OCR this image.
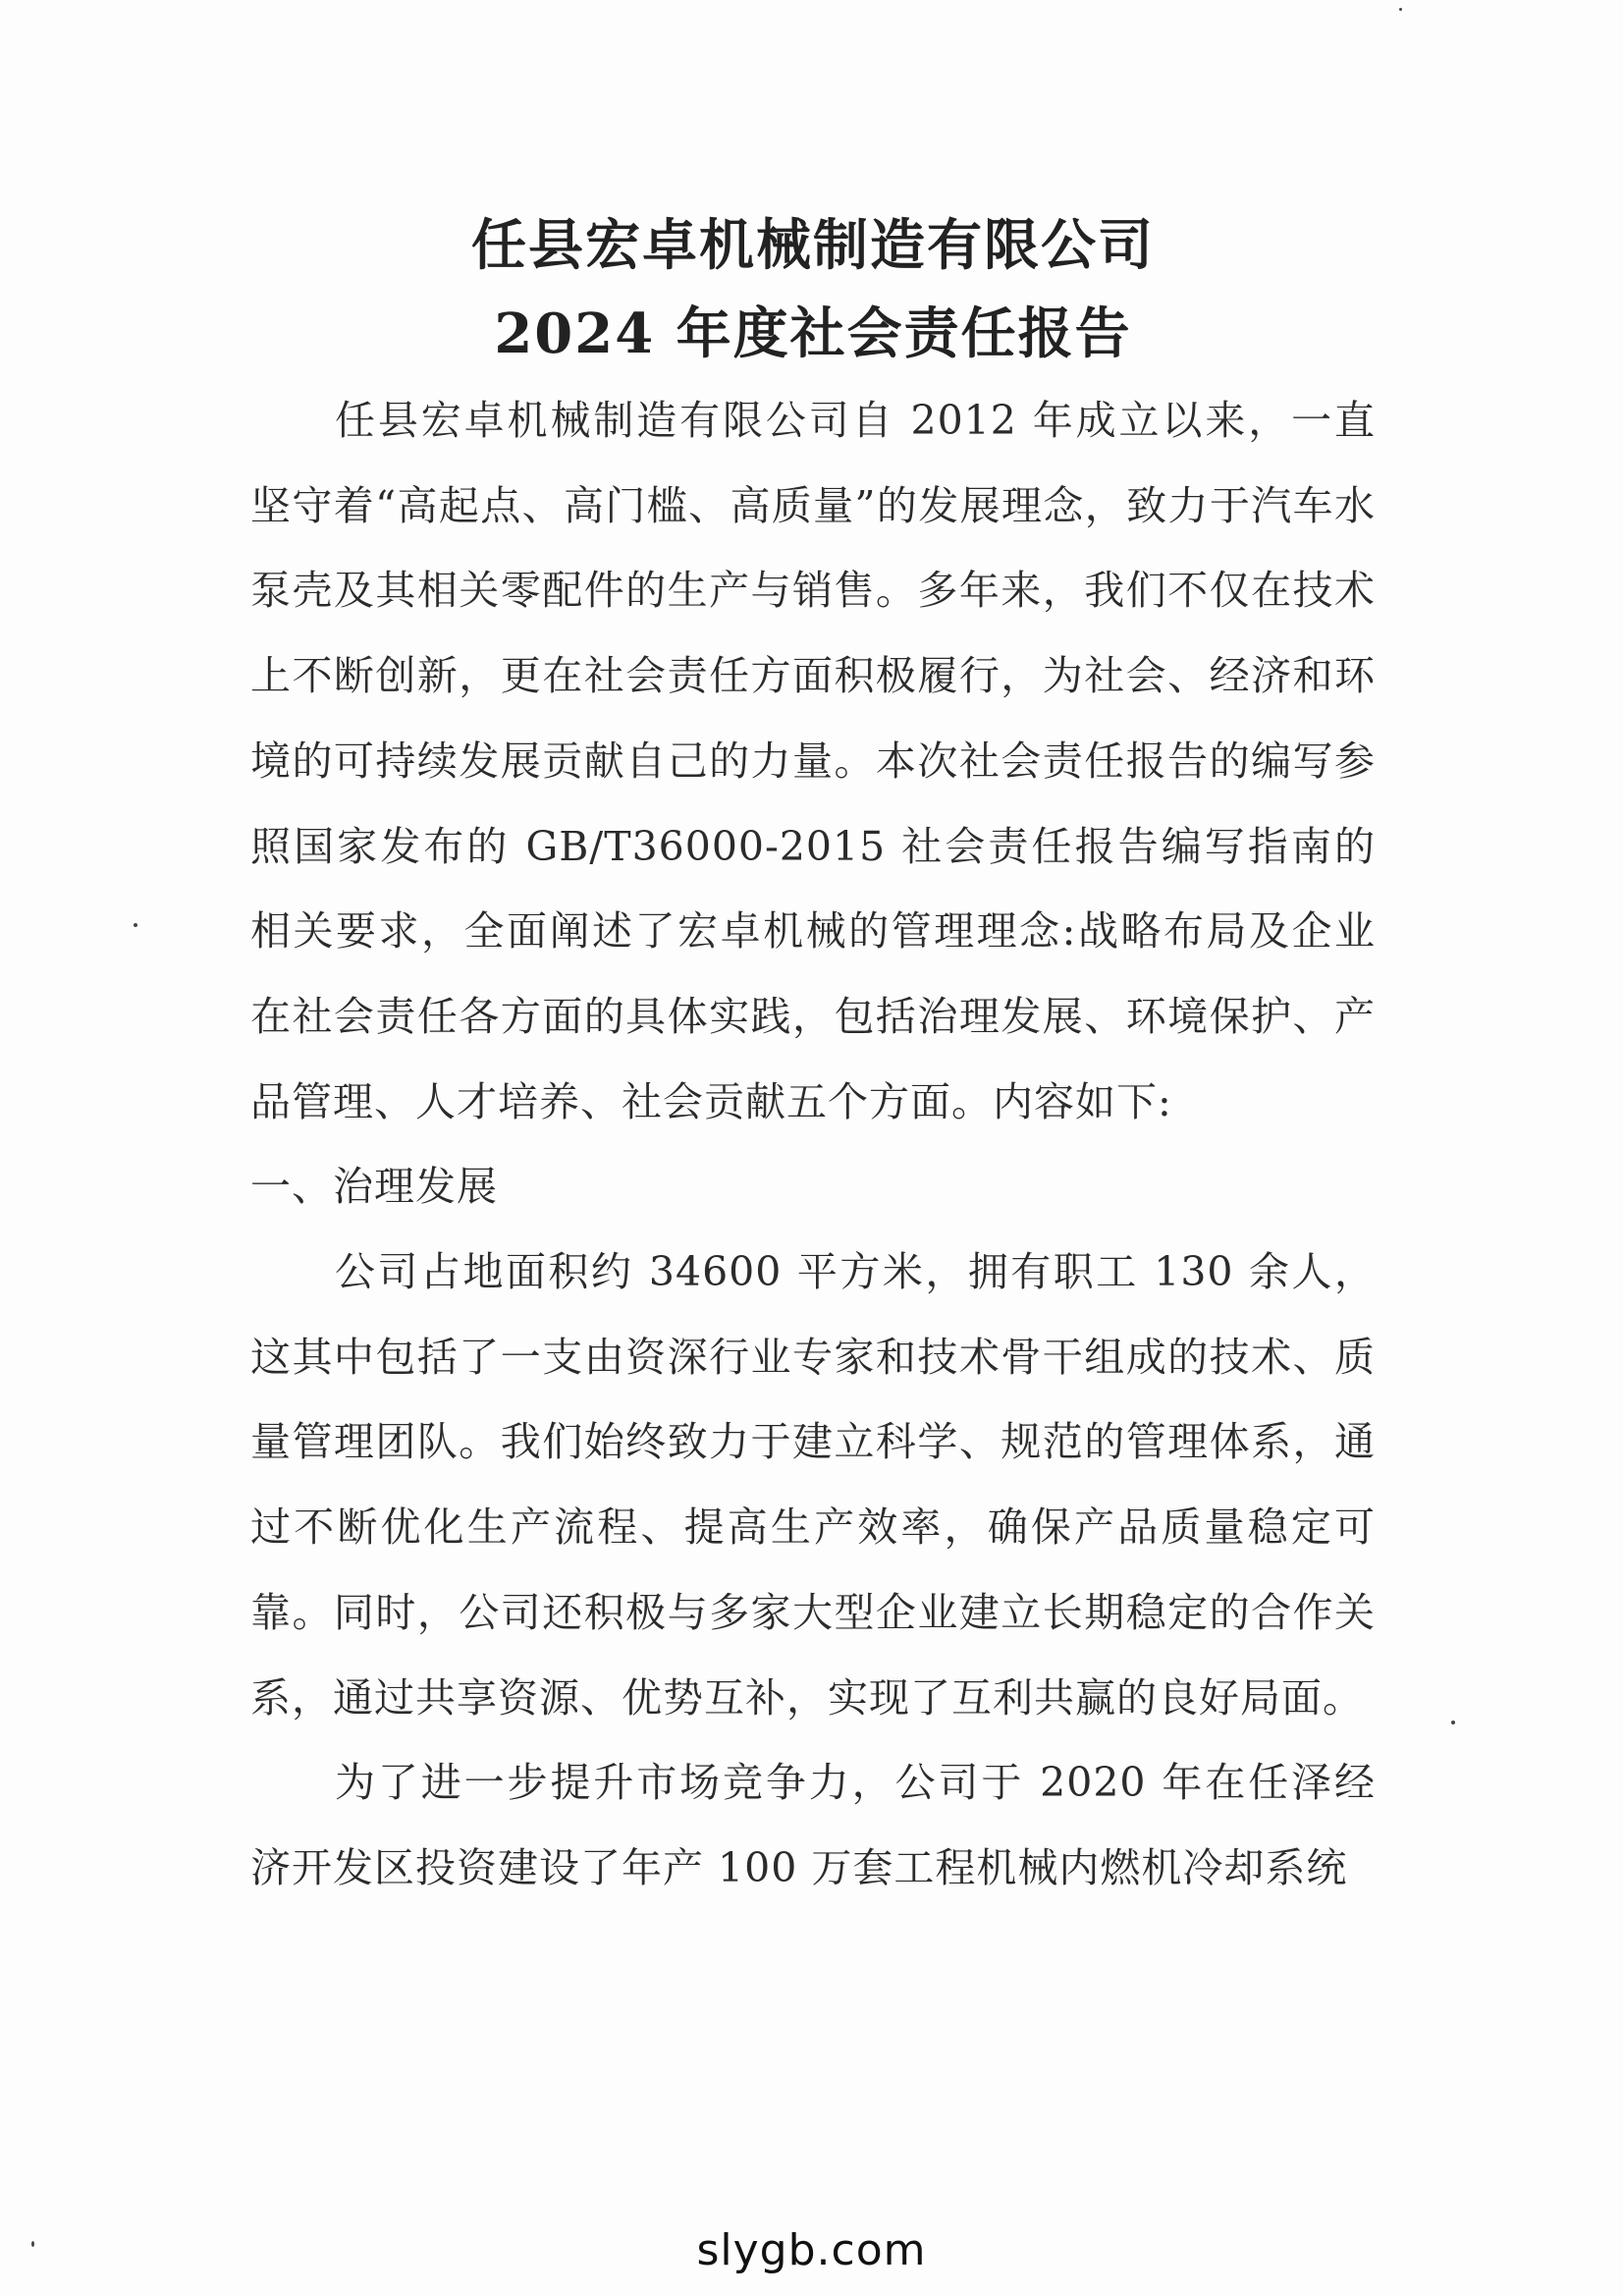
任县宏卓机械制造有限公司
2024 年度社会责任报告

任县宏卓机械制造有限公司自 2012 年成立以来，一直坚守着“高起点、高门槛、高质量”的发展理念，致力于汽车水泵壳及其相关零配件的生产与销售。多年来，我们不仅在技术上不断创新，更在社会责任方面积极履行，为社会、经济和环境的可持续发展贡献自己的力量。本次社会责任报告的编写参照国家发布的 GB/T36000-2015 社会责任报告编写指南的相关要求，全面阐述了宏卓机械的管理理念:战略布局及企业在社会责任各方面的具体实践，包括治理发展、环境保护、产品管理、人才培养、社会贡献五个方面。内容如下:

一、治理发展

公司占地面积约 34600 平方米，拥有职工 130 余人，这其中包括了一支由资深行业专家和技术骨干组成的技术、质量管理团队。我们始终致力于建立科学、规范的管理体系，通过不断优化生产流程、提高生产效率，确保产品质量稳定可靠。同时，公司还积极与多家大型企业建立长期稳定的合作关系，通过共享资源、优势互补，实现了互利共赢的良好局面。

为了进一步提升市场竞争力，公司于 2020 年在任泽经济开发区投资建设了年产 100 万套工程机械内燃机冷却系统

slygb.com
